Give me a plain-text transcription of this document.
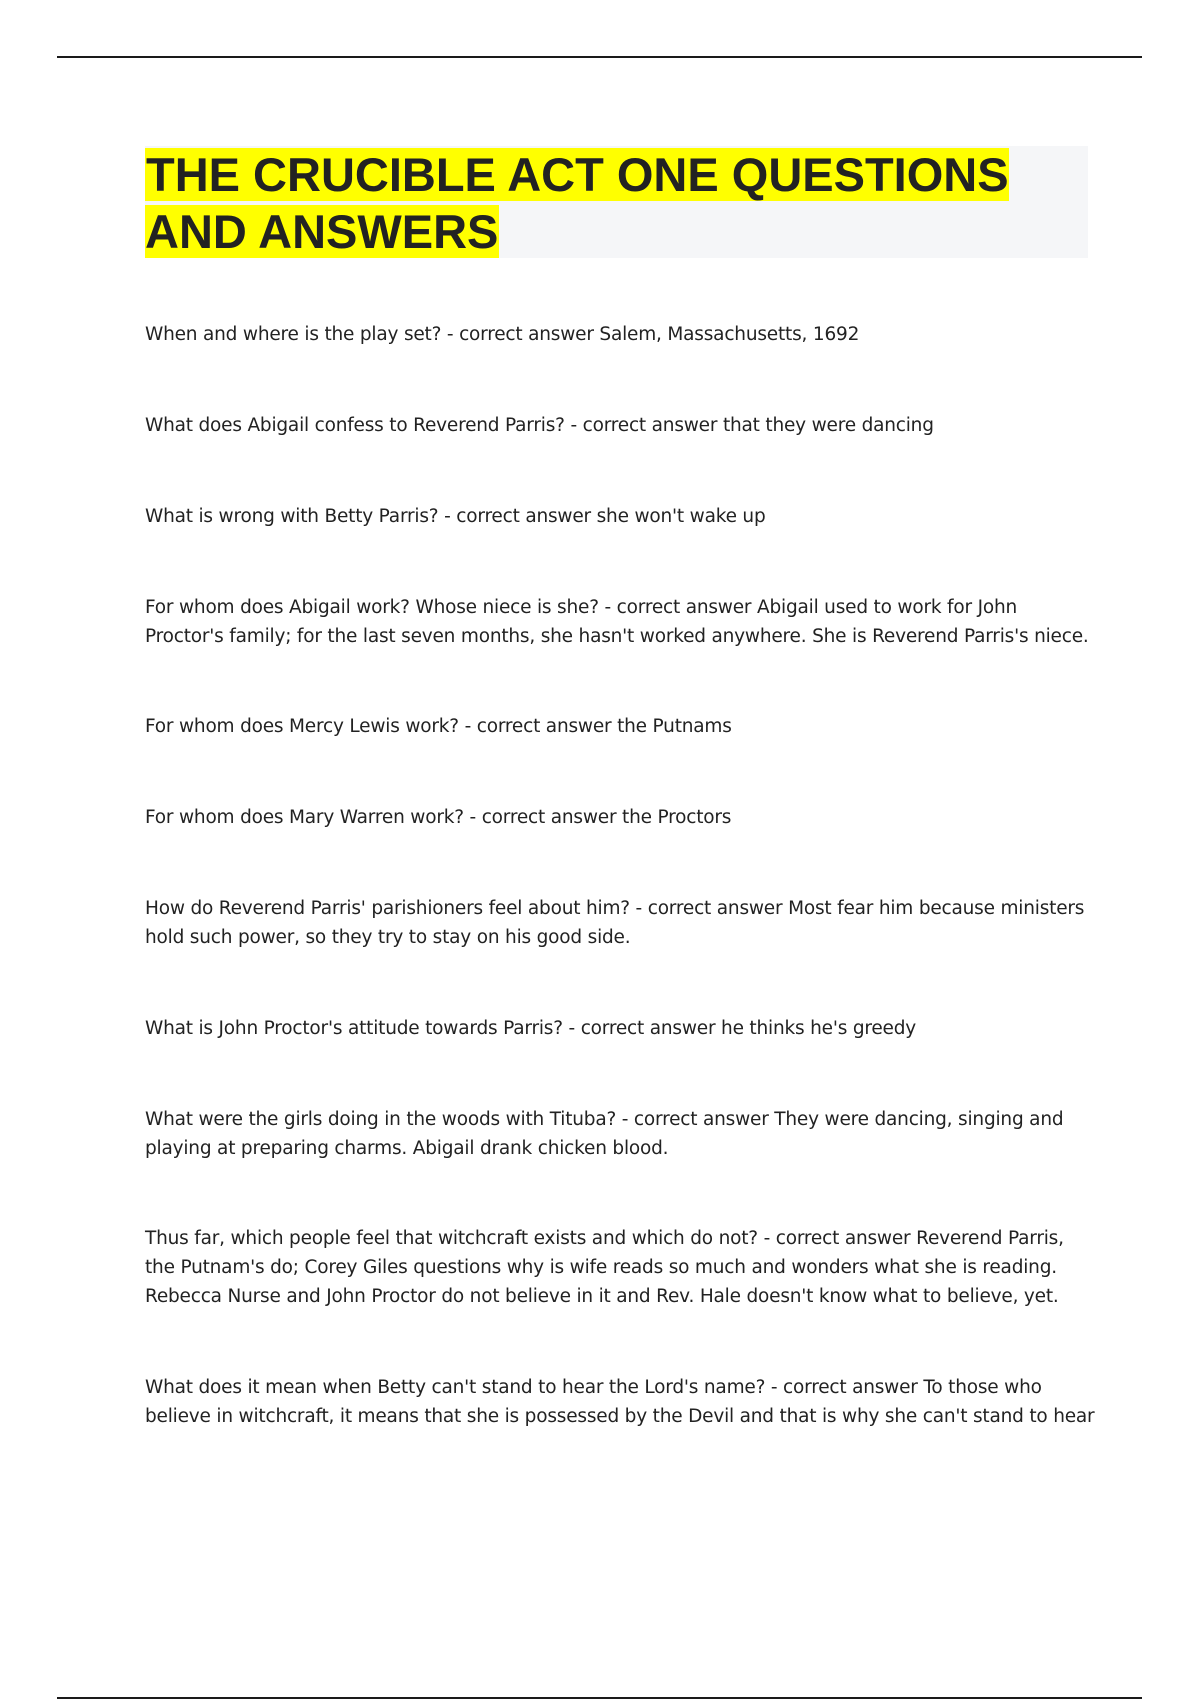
THE CRUCIBLE ACT ONE QUESTIONS AND ANSWERS

When and where is the play set? - correct answer Salem, Massachusetts, 1692

What does Abigail confess to Reverend Parris? - correct answer that they were dancing

What is wrong with Betty Parris? - correct answer she won't wake up

For whom does Abigail work? Whose niece is she? - correct answer Abigail used to work for John Proctor's family; for the last seven months, she hasn't worked anywhere. She is Reverend Parris's niece.

For whom does Mercy Lewis work? - correct answer the Putnams

For whom does Mary Warren work? - correct answer the Proctors

How do Reverend Parris' parishioners feel about him? - correct answer Most fear him because ministers hold such power, so they try to stay on his good side.

What is John Proctor's attitude towards Parris? - correct answer he thinks he's greedy

What were the girls doing in the woods with Tituba? - correct answer They were dancing, singing and playing at preparing charms. Abigail drank chicken blood.

Thus far, which people feel that witchcraft exists and which do not? - correct answer Reverend Parris, the Putnam's do; Corey Giles questions why is wife reads so much and wonders what she is reading. Rebecca Nurse and John Proctor do not believe in it and Rev. Hale doesn't know what to believe, yet.

What does it mean when Betty can't stand to hear the Lord's name? - correct answer To those who believe in witchcraft, it means that she is possessed by the Devil and that is why she can't stand to hear
